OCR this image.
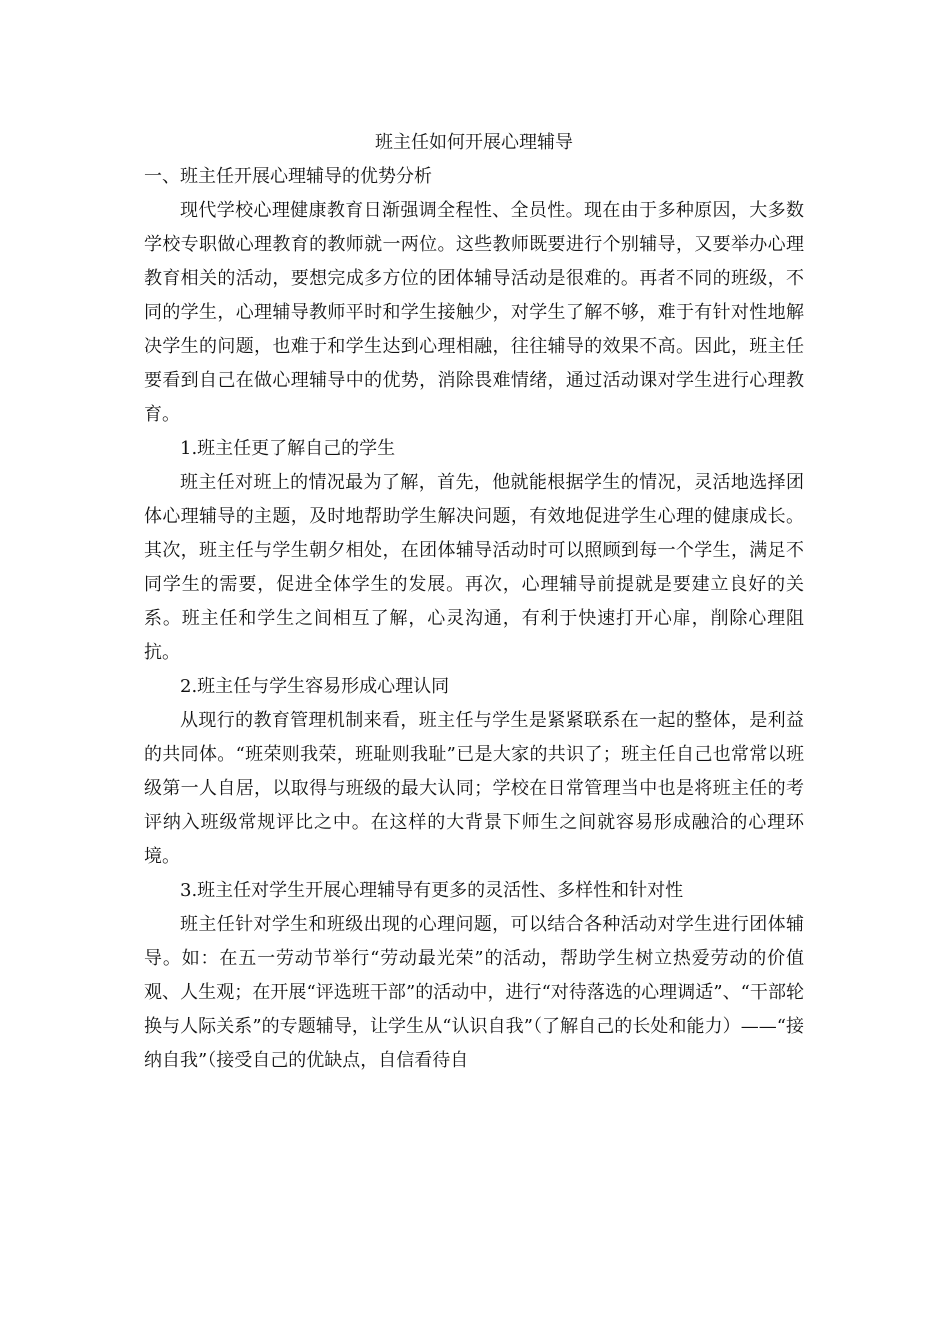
班主任如何开展心理辅导
一、班主任开展心理辅导的优势分析

现代学校心理健康教育日渐强调全程性、全员性。现在由于多种原因，大多数学校专职做心理教育的教师就一两位。这些教师既要进行个别辅导，又要举办心理教育相关的活动，要想完成多方位的团体辅导活动是很难的。再者不同的班级，不同的学生，心理辅导教师平时和学生接触少，对学生了解不够，难于有针对性地解决学生的问题，也难于和学生达到心理相融，往往辅导的效果不高。因此，班主任要看到自己在做心理辅导中的优势，消除畏难情绪，通过活动课对学生进行心理教育。

1.班主任更了解自己的学生

班主任对班上的情况最为了解，首先，他就能根据学生的情况，灵活地选择团体心理辅导的主题，及时地帮助学生解决问题，有效地促进学生心理的健康成长。其次，班主任与学生朝夕相处，在团体辅导活动时可以照顾到每一个学生，满足不同学生的需要，促进全体学生的发展。再次，心理辅导前提就是要建立良好的关系。班主任和学生之间相互了解，心灵沟通，有利于快速打开心扉，削除心理阻抗。

2.班主任与学生容易形成心理认同

从现行的教育管理机制来看，班主任与学生是紧紧联系在一起的整体，是利益的共同体。“班荣则我荣，班耻则我耻”已是大家的共识了；班主任自己也常常以班级第一人自居，以取得与班级的最大认同；学校在日常管理当中也是将班主任的考评纳入班级常规评比之中。在这样的大背景下师生之间就容易形成融洽的心理环境。

3.班主任对学生开展心理辅导有更多的灵活性、多样性和针对性

班主任针对学生和班级出现的心理问题，可以结合各种活动对学生进行团体辅导。如：在五一劳动节举行“劳动最光荣”的活动，帮助学生树立热爱劳动的价值观、人生观；在开展“评选班干部”的活动中，进行“对待落选的心理调适”、“干部轮换与人际关系”的专题辅导，让学生从“认识自我”（了解自己的长处和能力）——“接纳自我”（接受自己的优缺点，自信看待自
